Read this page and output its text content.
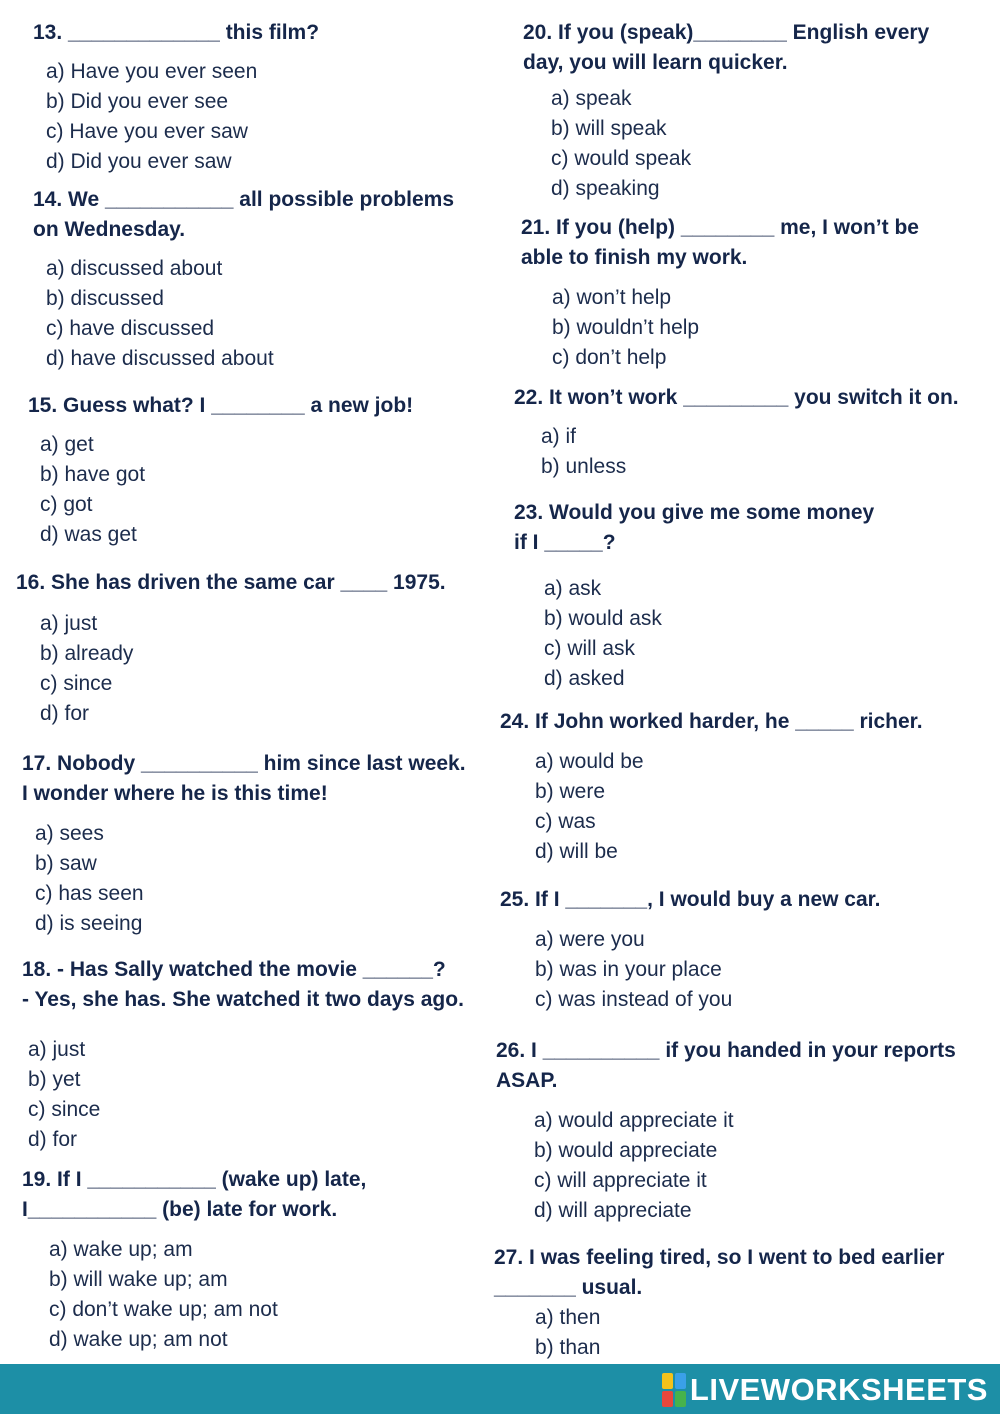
13. _____________ this film?

a) Have you ever seen
b) Did you ever see
c) Have you ever saw
d) Did you ever saw

14. We ___________ all possible problems
on Wednesday.

a) discussed about
b) discussed
c) have discussed
d) have discussed about

15. Guess what? I ________ a new job!

a) get
b) have got
c) got
d) was get

16. She has driven the same car ____ 1975.

a) just
b) already
c) since
d) for

17. Nobody __________ him since last week.
I wonder where he is this time!

a) sees
b) saw
c) has seen
d) is seeing

18. - Has Sally watched the movie ______?
- Yes, she has. She watched it two days ago.

a) just
b) yet
c) since
d) for

19. If I ___________ (wake up) late,
I___________ (be) late for work.

a) wake up; am
b) will wake up; am
c) don’t wake up; am not
d) wake up; am not

20. If you (speak)________ English every
day, you will learn quicker.

a) speak
b) will speak
c) would speak
d) speaking

21. If you (help) ________ me, I won’t be
able to finish my work.

a) won’t help
b) wouldn’t help
c) don’t help

22. It won’t work _________ you switch it on.

a) if
b) unless

23. Would you give me some money
if I _____?

a) ask
b) would ask
c) will ask
d) asked

24. If John worked harder, he _____ richer.

a) would be
b) were
c) was
d) will be

25. If I _______, I would buy a new car.

a) were you
b) was in your place
c) was instead of you

26. I __________ if you handed in your reports
ASAP.

a) would appreciate it
b) would appreciate
c) will appreciate it
d) will appreciate

27. I was feeling tired, so I went to bed earlier
_______ usual.

a) then
b) than
LIVEWORKSHEETS
